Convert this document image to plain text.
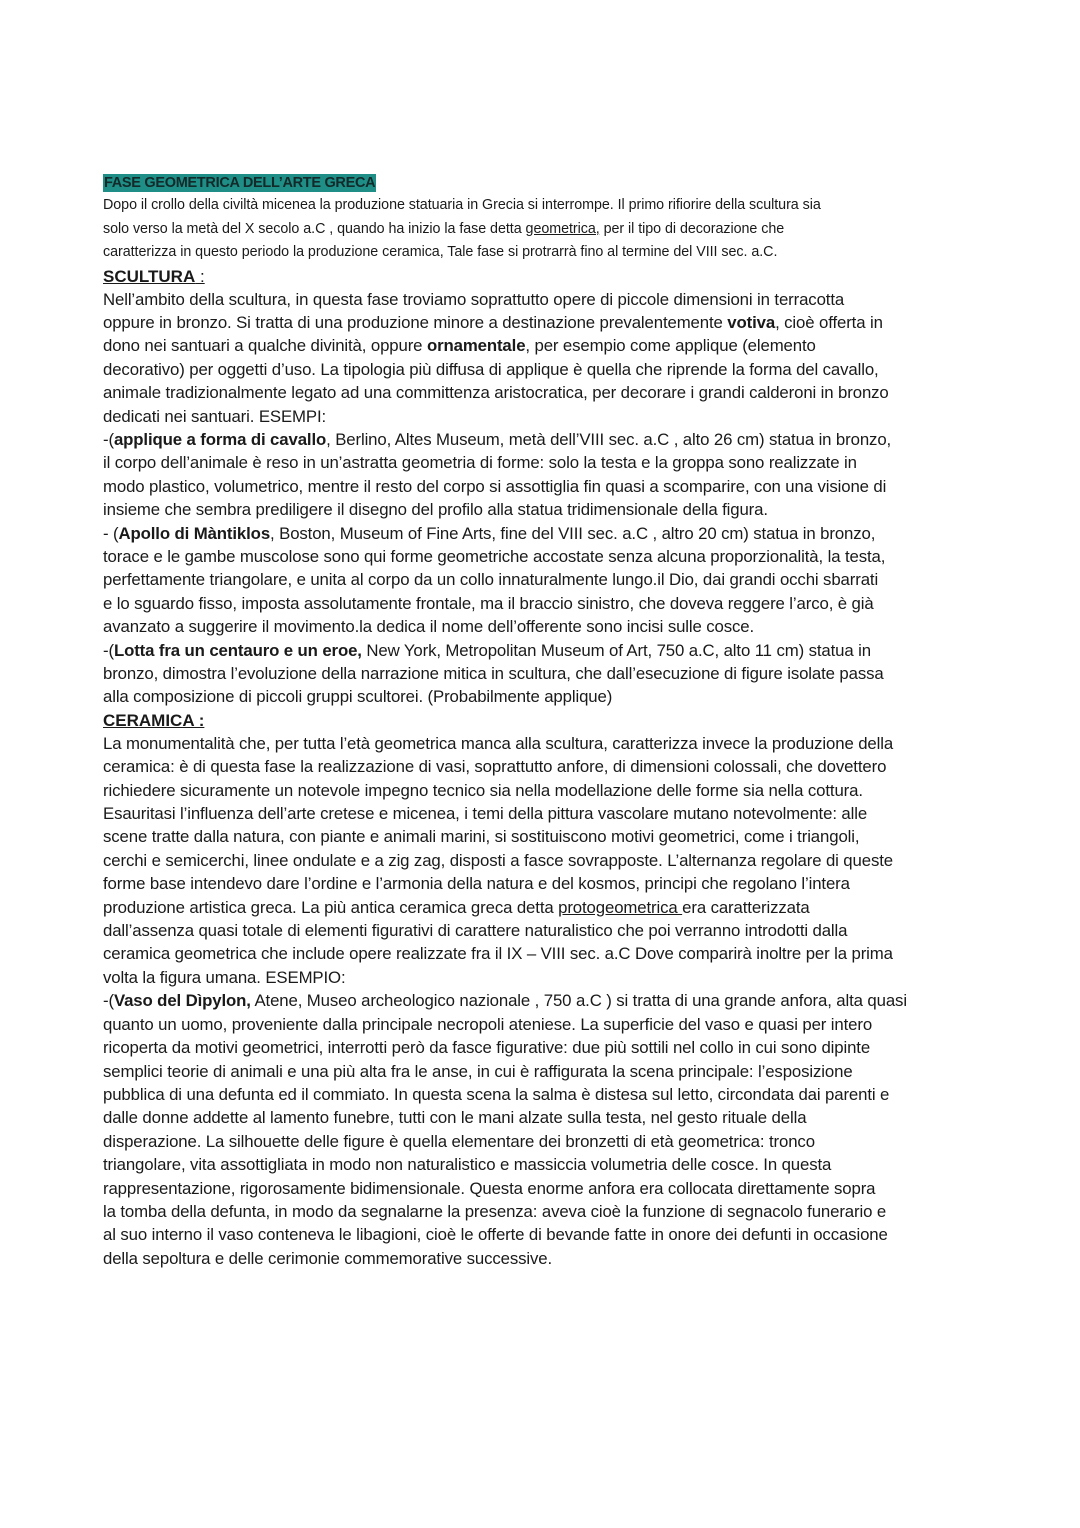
FASE GEOMETRICA DELL’ARTE GRECA
Dopo il crollo della civiltà micenea la produzione statuaria in Grecia si interrompe. Il primo rifiorire della scultura sia
solo verso la metà del X secolo a.C , quando ha inizio la fase detta geometrica, per il tipo di decorazione che
caratterizza in questo periodo la produzione ceramica, Tale fase si protrarrà fino al termine del VIII sec. a.C.
SCULTURA :
Nell’ambito della scultura, in questa fase troviamo soprattutto opere di piccole dimensioni in terracotta
oppure in bronzo. Si tratta di una produzione minore a destinazione prevalentemente votiva, cioè offerta in
dono nei santuari a qualche divinità, oppure ornamentale, per esempio come applique (elemento
decorativo) per oggetti d’uso. La tipologia più diffusa di applique è quella che riprende la forma del cavallo,
animale tradizionalmente legato ad una committenza aristocratica, per decorare i grandi calderoni in bronzo
dedicati nei santuari. ESEMPI:
-(applique a forma di cavallo, Berlino, Altes Museum, metà dell’VIII sec. a.C , alto 26 cm) statua in bronzo,
il corpo dell’animale è reso in un’astratta geometria di forme: solo la testa e la groppa sono realizzate in
modo plastico, volumetrico, mentre il resto del corpo si assottiglia fin quasi a scomparire, con una visione di
insieme che sembra prediligere il disegno del profilo alla statua tridimensionale della figura.
- (Apollo di Màntiklos, Boston, Museum of Fine Arts, fine del VIII sec. a.C , altro 20 cm) statua in bronzo,
torace e le gambe muscolose sono qui forme geometriche accostate senza alcuna proporzionalità, la testa,
perfettamente triangolare, e unita al corpo da un collo innaturalmente lungo.il Dio, dai grandi occhi sbarrati
e lo sguardo fisso, imposta assolutamente frontale, ma il braccio sinistro, che doveva reggere l’arco, è già
avanzato a suggerire il movimento.la dedica il nome dell’offerente sono incisi sulle cosce.
-(Lotta fra un centauro e un eroe, New York, Metropolitan Museum of Art, 750 a.C, alto 11 cm) statua in
bronzo, dimostra l’evoluzione della narrazione mitica in scultura, che dall’esecuzione di figure isolate passa
alla composizione di piccoli gruppi scultorei. (Probabilmente applique)
CERAMICA :
La monumentalità che, per tutta l’età geometrica manca alla scultura, caratterizza invece la produzione della
ceramica: è di questa fase la realizzazione di vasi, soprattutto anfore, di dimensioni colossali, che dovettero
richiedere sicuramente un notevole impegno tecnico sia nella modellazione delle forme sia nella cottura.
Esauritasi l’influenza dell’arte cretese e micenea, i temi della pittura vascolare mutano notevolmente: alle
scene tratte dalla natura, con piante e animali marini, si sostituiscono motivi geometrici, come i triangoli,
cerchi e semicerchi, linee ondulate e a zig zag, disposti a fasce sovrapposte. L’alternanza regolare di queste
forme base intendevo dare l’ordine e l’armonia della natura e del kosmos, principi che regolano l’intera
produzione artistica greca. La più antica ceramica greca detta protogeometrica era caratterizzata
dall’assenza quasi totale di elementi figurativi di carattere naturalistico che poi verranno introdotti dalla
ceramica geometrica che include opere realizzate fra il IX – VIII sec. a.C Dove comparirà inoltre per la prima
volta la figura umana. ESEMPIO:
-(Vaso del Dìpylon, Atene, Museo archeologico nazionale , 750 a.C ) si tratta di una grande anfora, alta quasi
quanto un uomo, proveniente dalla principale necropoli ateniese. La superficie del vaso e quasi per intero
ricoperta da motivi geometrici, interrotti però da fasce figurative: due più sottili nel collo in cui sono dipinte
semplici teorie di animali e una più alta fra le anse, in cui è raffigurata la scena principale: l’esposizione
pubblica di una defunta ed il commiato. In questa scena la salma è distesa sul letto, circondata dai parenti e
dalle donne addette al lamento funebre, tutti con le mani alzate sulla testa, nel gesto rituale della
disperazione. La silhouette delle figure è quella elementare dei bronzetti di età geometrica: tronco
triangolare, vita assottigliata in modo non naturalistico e massiccia volumetria delle cosce. In questa
rappresentazione, rigorosamente bidimensionale. Questa enorme anfora era collocata direttamente sopra
la tomba della defunta, in modo da segnalarne la presenza: aveva cioè la funzione di segnacolo funerario e
al suo interno il vaso conteneva le libagioni, cioè le offerte di bevande fatte in onore dei defunti in occasione
della sepoltura e delle cerimonie commemorative successive.
